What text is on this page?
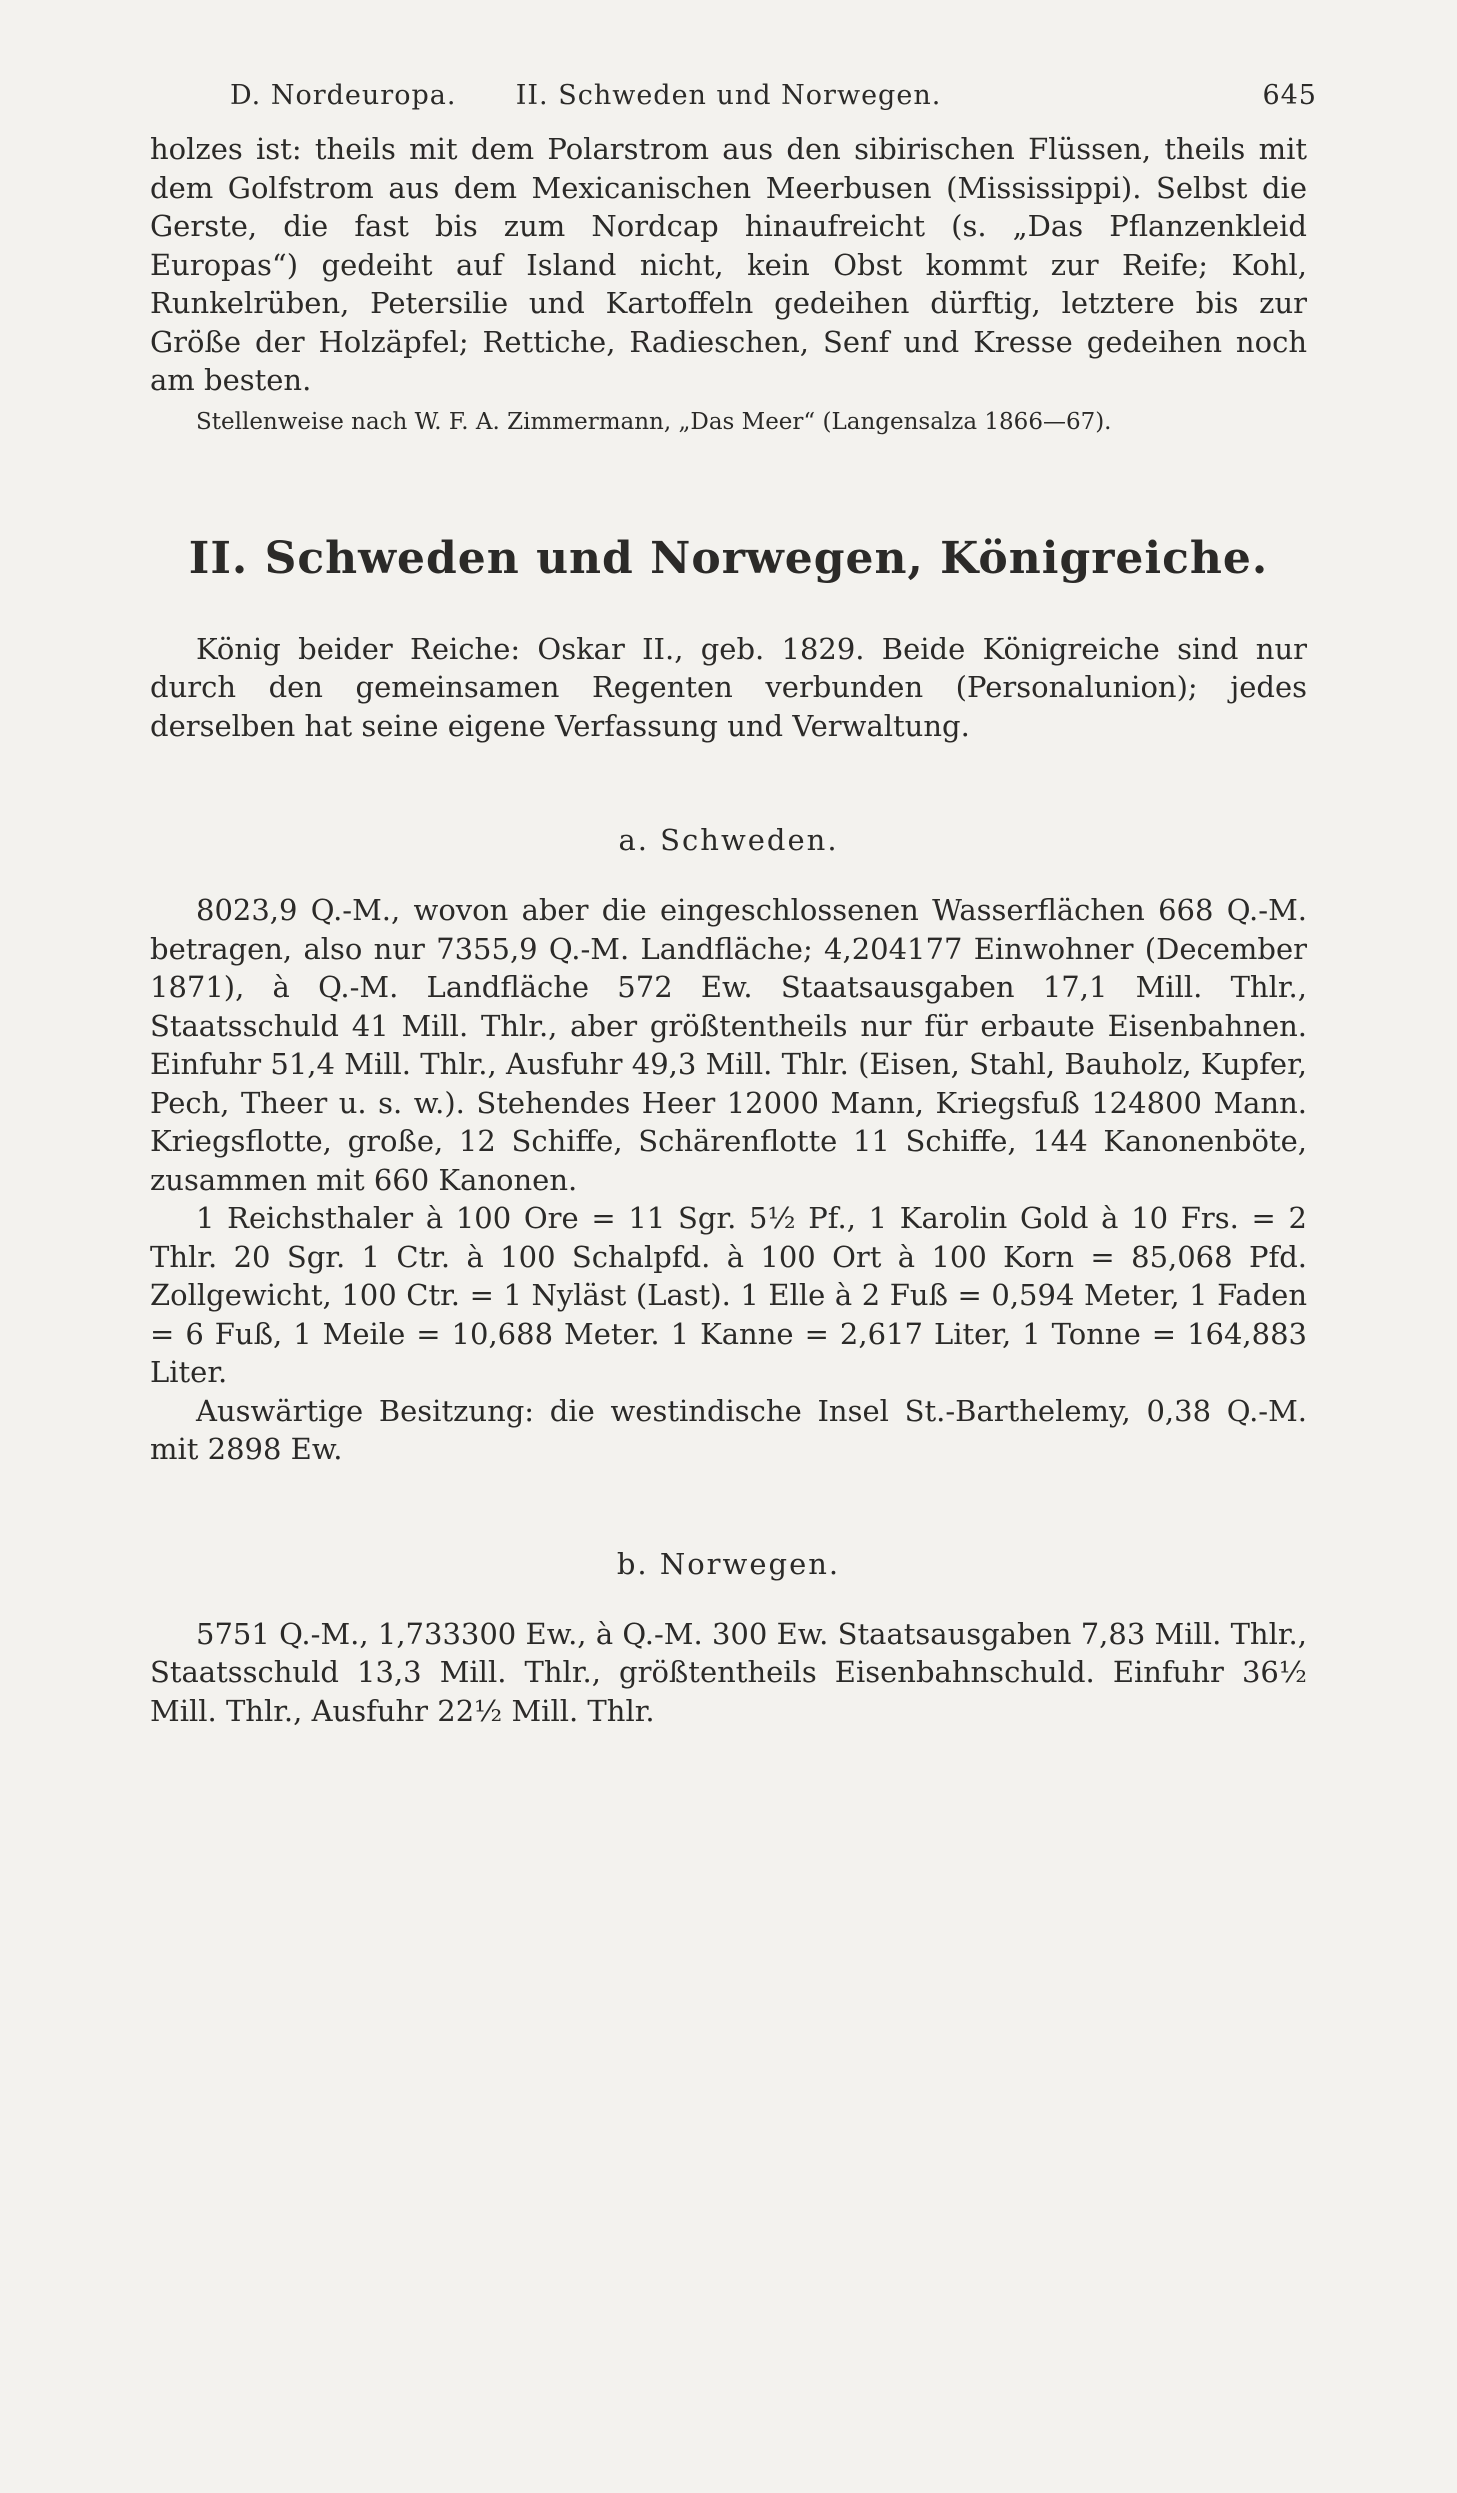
D. Nordeuropa.	II. Schweden und Norwegen.	645

holzes ist: theils mit dem Polarstrom aus den sibirischen Flüssen, theils mit dem Golfstrom aus dem Mexicanischen Meerbusen (Mississippi). Selbst die Gerste, die fast bis zum Nordcap hinaufreicht (s. „Das Pflanzenkleid Europas“) gedeiht auf Island nicht, kein Obst kommt zur Reife; Kohl, Runkelrüben, Petersilie und Kartoffeln gedeihen dürftig, letztere bis zur Größe der Holzäpfel; Rettiche, Radieschen, Senf und Kresse gedeihen noch am besten.

Stellenweise nach W. F. A. Zimmermann, „Das Meer“ (Langensalza 1866—67).

II. Schweden und Norwegen, Königreiche.

König beider Reiche: Oskar II., geb. 1829. Beide Königreiche sind nur durch den gemeinsamen Regenten verbunden (Personalunion); jedes derselben hat seine eigene Verfassung und Verwaltung.

a. Schweden.

8023,9 Q.-M., wovon aber die eingeschlossenen Wasserflächen 668 Q.-M. betragen, also nur 7355,9 Q.-M. Landfläche; 4,204177 Einwohner (December 1871), à Q.-M. Landfläche 572 Ew. Staatsausgaben 17,1 Mill. Thlr., Staatsschuld 41 Mill. Thlr., aber größtentheils nur für erbaute Eisenbahnen. Einfuhr 51,4 Mill. Thlr., Ausfuhr 49,3 Mill. Thlr. (Eisen, Stahl, Bauholz, Kupfer, Pech, Theer u. s. w.). Stehendes Heer 12000 Mann, Kriegsfuß 124800 Mann. Kriegsflotte, große, 12 Schiffe, Schärenflotte 11 Schiffe, 144 Kanonenböte, zusammen mit 660 Kanonen.

1 Reichsthaler à 100 Ore = 11 Sgr. 5½ Pf., 1 Karolin Gold à 10 Frs. = 2 Thlr. 20 Sgr. 1 Ctr. à 100 Schalpfd. à 100 Ort à 100 Korn = 85,068 Pfd. Zollgewicht, 100 Ctr. = 1 Nyläst (Last). 1 Elle à 2 Fuß = 0,594 Meter, 1 Faden = 6 Fuß, 1 Meile = 10,688 Meter. 1 Kanne = 2,617 Liter, 1 Tonne = 164,883 Liter.

Auswärtige Besitzung: die westindische Insel St.-Barthelemy, 0,38 Q.-M. mit 2898 Ew.

b. Norwegen.

5751 Q.-M., 1,733300 Ew., à Q.-M. 300 Ew. Staatsausgaben 7,83 Mill. Thlr., Staatsschuld 13,3 Mill. Thlr., größtentheils Eisenbahnschuld. Einfuhr 36½ Mill. Thlr., Ausfuhr 22½ Mill. Thlr.
